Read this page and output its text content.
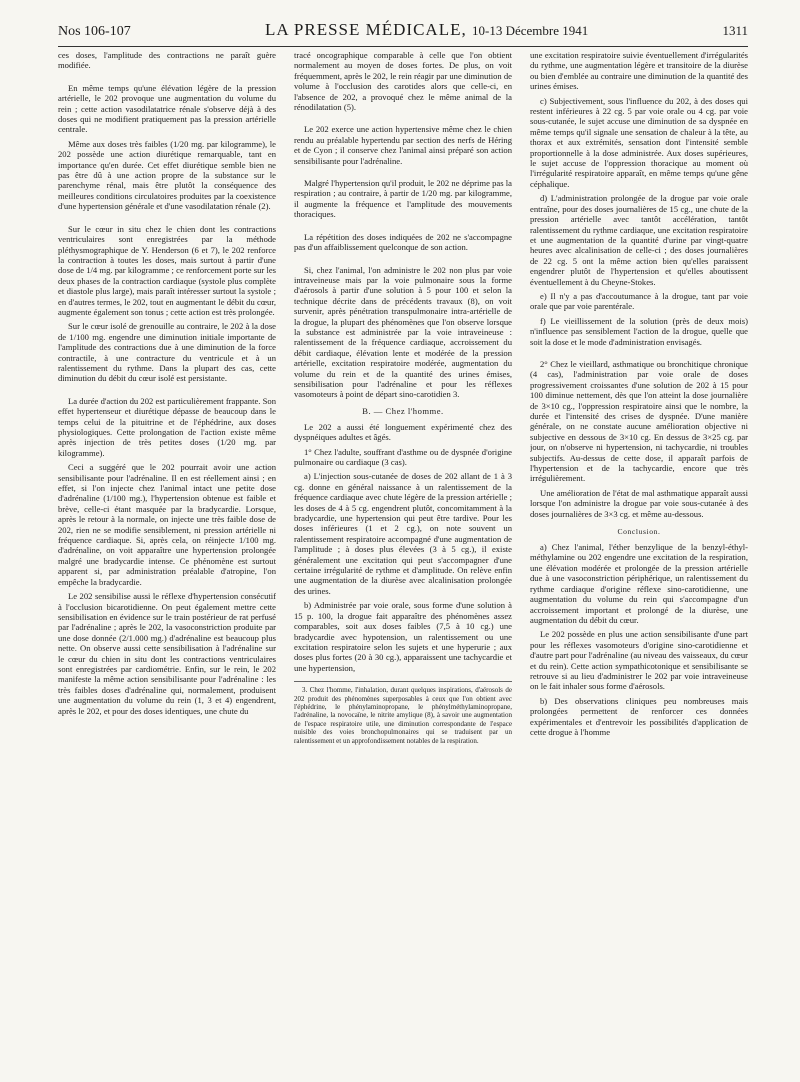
Nos 106-107	LA PRESSE MÉDICALE, 10-13 Décembre 1941	1311

ces doses, l'amplitude des contractions ne paraît guère modifiée.

En même temps qu'une élévation légère de la pression artérielle, le 202 provoque une augmentation du volume du rein ; cette action vasodilatatrice rénale s'observe déjà à des doses qui ne modifient pratiquement pas la pression artérielle centrale.

Même aux doses très faibles (1/20 mg. par kilogramme), le 202 possède une action diurétique remarquable, tant en importance qu'en durée. Cet effet diurétique semble bien ne pas être dû à une action propre de la substance sur le parenchyme rénal, mais être plutôt la conséquence des meilleures conditions circulatoires produites par la coexistence d'une hypertension générale et d'une vasodilatation rénale (2).

Sur le cœur in situ chez le chien dont les contractions ventriculaires sont enregistrées par la méthode pléthysmographique de Y. Henderson (6 et 7), le 202 renforce la contraction à toutes les doses, mais surtout à partir d'une dose de 1/4 mg. par kilogramme ; ce renforcement porte sur les deux phases de la contraction cardiaque (systole plus complète et diastole plus large), mais paraît intéresser surtout la systole ; en d'autres termes, le 202, tout en augmentant le débit du cœur, augmente également son tonus ; cette action est très prolongée.

Sur le cœur isolé de grenouille au contraire, le 202 à la dose de 1/100 mg. engendre une diminution initiale importante de l'amplitude des contractions due à une diminution de la force contractile, à une contracture du ventricule et à un ralentissement du rythme. Dans la plupart des cas, cette diminution du débit du cœur isolé est persistante.

La durée d'action du 202 est particulièrement frappante. Son effet hypertenseur et diurétique dépasse de beaucoup dans le temps celui de la pituitrine et de l'éphédrine, aux doses physiologiques. Cette prolongation de l'action existe même après injection de très petites doses (1/20 mg. par kilogramme).

Ceci a suggéré que le 202 pourrait avoir une action sensibilisante pour l'adrénaline. Il en est réellement ainsi ; en effet, si l'on injecte chez l'animal intact une petite dose d'adrénaline (1/100 mg.), l'hypertension obtenue est faible et brève, celle-ci étant masquée par la bradycardie. Lorsque, après le retour à la normale, on injecte une très faible dose de 202, rien ne se modifie sensiblement, ni pression artérielle ni fréquence cardiaque. Si, après cela, on réinjecte 1/100 mg. d'adrénaline, on voit apparaître une hypertension prolongée malgré une bradycardie intense. Ce phénomène est surtout apparent si, par administration préalable d'atropine, l'on empêche la bradycardie.

Le 202 sensibilise aussi le réflexe d'hypertension consécutif à l'occlusion bicarotidienne. On peut également mettre cette sensibilisation en évidence sur le train postérieur de rat perfusé par l'adrénaline ; après le 202, la vasoconstriction produite par une dose donnée (2/1.000 mg.) d'adrénaline est beaucoup plus nette. On observe aussi cette sensibilisation à l'adrénaline sur le cœur du chien in situ dont les contractions ventriculaires sont enregistrées par cardiométrie. Enfin, sur le rein, le 202 manifeste la même action sensibilisante pour l'adrénaline : les très faibles doses d'adrénaline qui, normalement, produisent une augmentation du volume du rein (1, 3 et 4) engendrent, après le 202, et pour des doses identiques, une chute du

tracé oncographique comparable à celle que l'on obtient normalement au moyen de doses fortes. De plus, on voit fréquemment, après le 202, le rein réagir par une diminution de volume à l'occlusion des carotides alors que celle-ci, en l'absence de 202, a provoqué chez le même animal de la rénodilatation (5).

Le 202 exerce une action hypertensive même chez le chien rendu au préalable hypertendu par section des nerfs de Héring et de Cyon ; il conserve chez l'animal ainsi préparé son action sensibilisante pour l'adrénaline.

Malgré l'hypertension qu'il produit, le 202 ne déprime pas la respiration ; au contraire, à partir de 1/20 mg. par kilogramme, il augmente la fréquence et l'amplitude des mouvements thoraciques.

La répétition des doses indiquées de 202 ne s'accompagne pas d'un affaiblissement quelconque de son action.

Si, chez l'animal, l'on administre le 202 non plus par voie intraveineuse mais par la voie pulmonaire sous la forme d'aérosols à partir d'une solution à 5 pour 100 et selon la technique décrite dans de précédents travaux (8), on voit survenir, après pénétration transpulmonaire intra-artérielle de la drogue, la plupart des phénomènes que l'on observe lorsque la substance est administrée par la voie intraveineuse : ralentissement de la fréquence cardiaque, accroissement du débit cardiaque, élévation lente et modérée de la pression artérielle, excitation respiratoire modérée, augmentation du volume du rein et de la quantité des urines émises, sensibilisation pour l'adrénaline et pour les réflexes vasomoteurs à point de départ sino-carotidien 3.

B. — Chez l'homme.

Le 202 a aussi été longuement expérimenté chez des dyspnéiques adultes et âgés.

1° Chez l'adulte, souffrant d'asthme ou de dyspnée d'origine pulmonaire ou cardiaque (3 cas).

a) L'injection sous-cutanée de doses de 202 allant de 1 à 3 cg. donne en général naissance à un ralentissement de la fréquence cardiaque avec chute légère de la pression artérielle ; les doses de 4 à 5 cg. engendrent plutôt, concomitamment à la bradycardie, une hypertension qui peut être tardive. Pour les doses inférieures (1 et 2 cg.), on note souvent un ralentissement respiratoire accompagné d'une augmentation de l'amplitude ; à doses plus élevées (3 à 5 cg.), il existe généralement une excitation qui peut s'accompagner d'une certaine irrégularité de rythme et d'amplitude. On relève enfin une augmentation de la diurèse avec alcalinisation prolongée des urines.

b) Administrée par voie orale, sous forme d'une solution à 15 p. 100, la drogue fait apparaître des phénomènes assez comparables, soit aux doses faibles (7,5 à 10 cg.) une bradycardie avec hypotension, un ralentissement ou une excitation respiratoire selon les sujets et une hyperurie ; aux doses plus fortes (20 à 30 cg.), apparaissent une tachycardie et une hypertension,

3. Chez l'homme, l'inhalation, durant quelques inspirations, d'aérosols de 202 produit des phénomènes superposables à ceux que l'on obtient avec l'éphédrine, le phénylaminopropane, le phénylméthylaminopropane, l'adrénaline, la novocaïne, le nitrite amylique (8), à savoir une augmentation de l'espace respiratoire utile, une diminution correspondante de l'espace nuisible des voies bronchopulmonaires qui se traduisent par un ralentissement et un approfondissement notables de la respiration.

une excitation respiratoire suivie éventuellement d'irrégularités du rythme, une augmentation légère et transitoire de la diurèse ou bien d'emblée au contraire une diminution de la quantité des urines émises.

c) Subjectivement, sous l'influence du 202, à des doses qui restent inférieures à 22 cg. 5 par voie orale ou 4 cg. par voie sous-cutanée, le sujet accuse une diminution de sa dyspnée en même temps qu'il signale une sensation de chaleur à la tête, au thorax et aux extrémités, sensation dont l'intensité semble proportionnelle à la dose administrée. Aux doses supérieures, le sujet accuse de l'oppression thoracique au moment où l'irrégularité respiratoire apparaît, en même temps qu'une gêne céphalique.

d) L'administration prolongée de la drogue par voie orale entraîne, pour des doses journalières de 15 cg., une chute de la pression artérielle avec tantôt accélération, tantôt ralentissement du rythme cardiaque, une excitation respiratoire et une augmentation de la quantité d'urine par vingt-quatre heures avec alcalinisation de celle-ci ; des doses journalières de 22 cg. 5 ont la même action bien qu'elles paraissent engendrer plutôt de l'hypertension et qu'elles aboutissent éventuellement à du Cheyne-Stokes.

e) Il n'y a pas d'accoutumance à la drogue, tant par voie orale que par voie parentérale.

f) Le vieillissement de la solution (près de deux mois) n'influence pas sensiblement l'action de la drogue, quelle que soit la dose et le mode d'administration envisagés.

2° Chez le vieillard, asthmatique ou bronchitique chronique (4 cas), l'administration par voie orale de doses progressivement croissantes d'une solution de 202 à 15 pour 100 diminue nettement, dès que l'on atteint la dose journalière de 3×10 cg., l'oppression respiratoire ainsi que le nombre, la durée et l'intensité des crises de dyspnée. D'une manière générale, on ne constate aucune amélioration objective ni subjective en dessous de 3×10 cg. En dessus de 3×25 cg. par jour, on n'observe ni hypertension, ni tachycardie, ni troubles subjectifs. Au-dessus de cette dose, il apparaît parfois de l'hypertension et de la tachycardie, encore que très irrégulièrement.

Une amélioration de l'état de mal asthmatique apparaît aussi lorsque l'on administre la drogue par voie sous-cutanée à des doses journalières de 3×3 cg. et même au-dessous.

Conclusion.

a) Chez l'animal, l'éther benzylique de la benzyl-éthyl-méthylamine ou 202 engendre une excitation de la respiration, une élévation modérée et prolongée de la pression artérielle due à une vasoconstriction périphérique, un ralentissement du rythme cardiaque d'origine réflexe sino-carotidienne, une augmentation du volume du rein qui s'accompagne d'un accroissement important et prolongé de la diurèse, une augmentation du débit du cœur.

Le 202 possède en plus une action sensibilisante d'une part pour les réflexes vasomoteurs d'origine sino-carotidienne et d'autre part pour l'adrénaline (au niveau des vaisseaux, du cœur et du rein). Cette action sympathicotonique et sensibilisante se retrouve si au lieu d'administrer le 202 par voie intraveineuse on le fait inhaler sous forme d'aérosols.

b) Des observations cliniques peu nombreuses mais prolongées permettent de renforcer ces données expérimentales et d'entrevoir les possibilités d'application de cette drogue à l'homme
